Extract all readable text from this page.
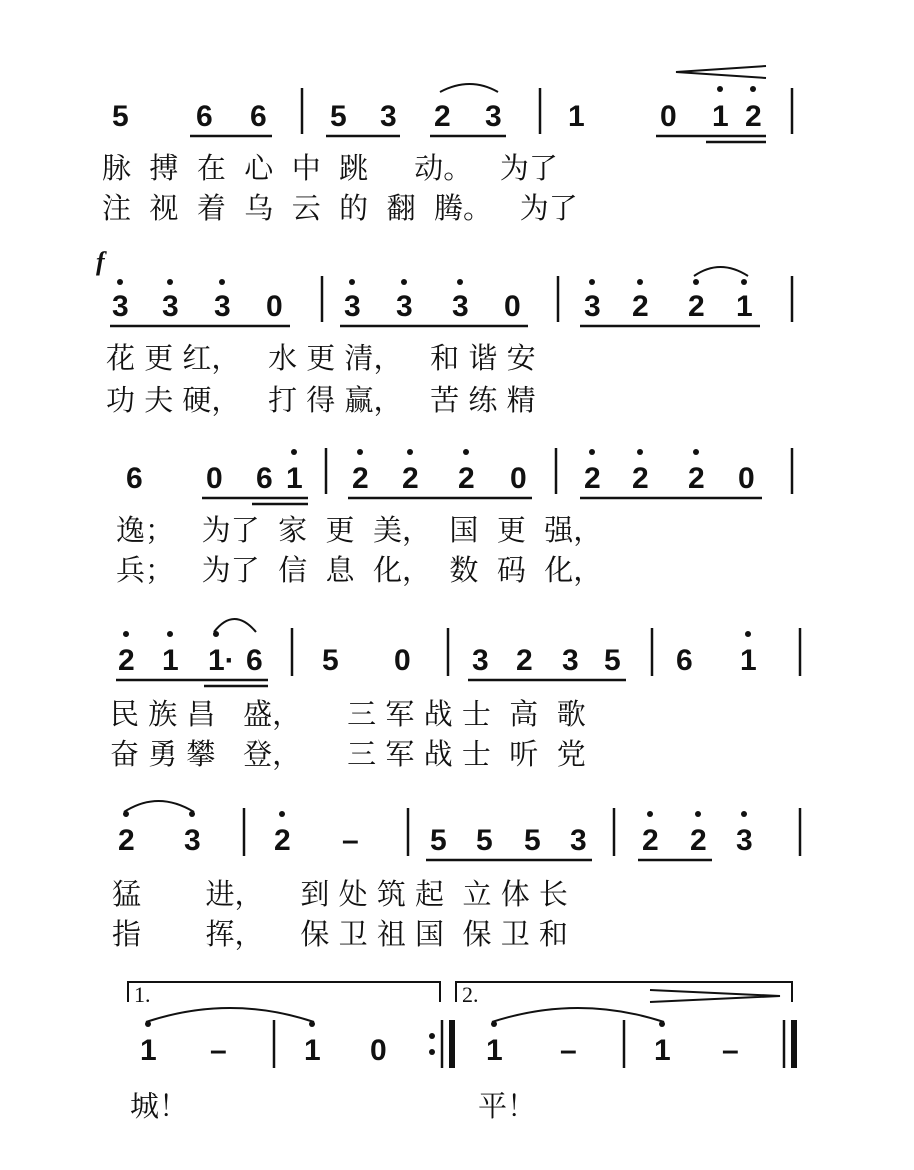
5 6 6 5 3 2 3 1	0 1 2
脉  搏  在  心  中  跳     动。   为了
注  视  着  乌  云  的  翻  腾。   为了
f
3 3 3 0 3 3 3 0 3 2 2 1
花 更 红，   水 更 清，   和 谐 安
功 夫 硬，   打 得 赢，   苦 练 精
6 0 6 1 2 2 2 0 2 2 2 0
逸；   为了  家  更  美，  国  更  强，
兵；   为了  信  息  化，  数  码  化，
2 1 1· 6 5 0 3 2 3 5 6 1
民 族 昌   盛，     三 军 战 士  高  歌
奋 勇 攀   登，     三 军 战 士  听  党
2 3 2 – 5 5 5 3 2 2 3
猛       进，    到 处 筑 起  立 体 长
指       挥，    保 卫 祖 国  保 卫 和
1.	2.
1 –	1 0	1 –	1 –
城！	平！
